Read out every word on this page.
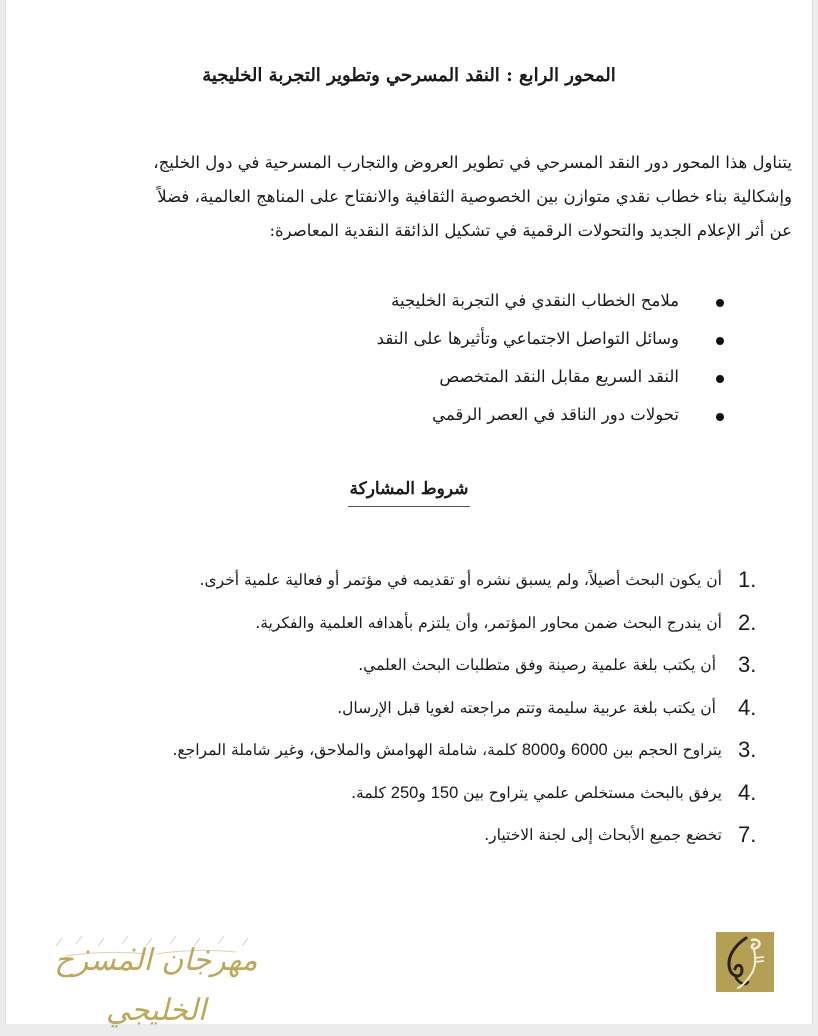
المحور الرابع : النقد المسرحي وتطوير التجربة الخليجية

يتناول هذا المحور دور النقد المسرحي في تطوير العروض والتجارب المسرحية في دول الخليج،

وإشكالية بناء خطاب نقدي متوازن بين الخصوصية الثقافية والانفتاح على المناهج العالمية، فضلاً

عن أثر الإعلام الجديد والتحولات الرقمية في تشكيل الذائقة النقدية المعاصرة:

ملامح الخطاب النقدي في التجربة الخليجية
وسائل التواصل الاجتماعي وتأثيرها على النقد
النقد السريع مقابل النقد المتخصص
تحولات دور الناقد في العصر الرقمي
شروط المشاركة
1.
أن يكون البحث أصيلاً، ولم يسبق نشره أو تقديمه في مؤتمر أو فعالية علمية أخرى.
2.
أن يندرج البحث ضمن محاور المؤتمر، وأن يلتزم بأهدافه العلمية والفكرية.
3.
أن يكتب بلغة علمية رصينة وفق متطلبات البحث العلمي.
4.
أن يكتب بلغة عربية سليمة وتتم مراجعته لغويا قبل الإرسال.
3.
يتراوح الحجم بين 6000 و8000 كلمة، شاملة الهوامش والملاحق، وغير شاملة المراجع.
4.
يرفق بالبحث مستخلص علمي يتراوح بين 150 و250 كلمة.
7.
تخضع جميع الأبحاث إلى لجنة الاختيار.
مهرجان المسرح الخليجي
